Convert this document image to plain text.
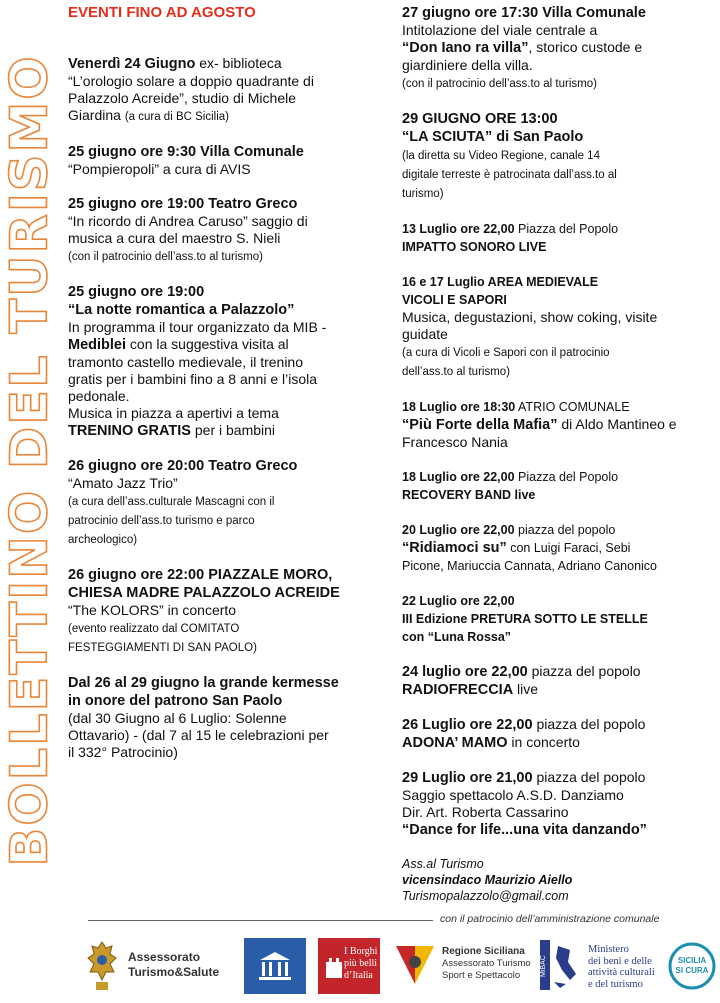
BOLLETTINO DEL TURISMO
EVENTI FINO AD AGOSTO
Venerdì 24 Giugno ex- biblioteca
“L’orologio solare a doppio quadrante di
Palazzolo Acreide”, studio di Michele
Giardina (a cura di BC Sicilia)
25 giugno ore 9:30 Villa Comunale
“Pompieropoli” a cura di AVIS
25 giugno ore 19:00 Teatro Greco
“In ricordo di Andrea Caruso” saggio di
musica a cura del maestro S. Nieli
(con il patrocinio dell’ass.to al turismo)
25 giugno ore 19:00
“La notte romantica a Palazzolo”
In programma il tour organizzato da MIB -
Mediblei con la suggestiva visita al
tramonto castello medievale, il trenino
gratis per i bambini fino a 8 anni e l’isola
pedonale.
Musica in piazza a apertivi a tema
TRENINO GRATIS per i bambini
26 giugno ore 20:00 Teatro Greco
“Amato Jazz Trio”
(a cura dell’ass.culturale Mascagni con il
patrocinio dell’ass.to turismo e parco
archeologico)
26 giugno ore 22:00 PIAZZALE MORO,
CHIESA MADRE PALAZZOLO ACREIDE
“The KOLORS” in concerto
(evento realizzato dal COMITATO
FESTEGGIAMENTI DI SAN PAOLO)
Dal 26 al 29 giugno la grande kermesse
in onore del patrono San Paolo
(dal 30 Giugno al 6 Luglio: Solenne
Ottavario) - (dal 7 al 15 le celebrazioni per
il 332° Patrocinio)
27 giugno ore 17:30 Villa Comunale
Intitolazione del viale centrale a
“Don Iano ra villa”, storico custode e
giardiniere della villa.
(con il patrocinio dell’ass.to al turismo)
29 GIUGNO ORE 13:00
“LA SCIUTA” di San Paolo
(la diretta su Video Regione, canale 14
digitale terreste è patrocinata dall’ass.to al
turismo)
13 Luglio ore 22,00 Piazza del Popolo
IMPATTO SONORO LIVE
16 e 17 Luglio AREA MEDIEVALE
VICOLI E SAPORI
Musica, degustazioni, show coking, visite
guidate
(a cura di Vicoli e Sapori con il patrocinio
dell’ass.to al turismo)
18 Luglio ore 18:30 ATRIO COMUNALE
“Più Forte della Mafia” di Aldo Mantineo e
Francesco Nania
18 Luglio ore 22,00 Piazza del Popolo
RECOVERY BAND live
20 Luglio ore 22,00 piazza del popolo
“Ridiamoci su” con Luigi Faraci, Sebi
Picone, Mariuccia Cannata, Adriano Canonico
22 Luglio ore 22,00
III Edizione PRETURA SOTTO LE STELLE
con “Luna Rossa”
24 luglio ore 22,00 piazza del popolo
RADIOFRECCIA live
26 Luglio ore 22,00 piazza del popolo
ADONA’ MAMO in concerto
29 Luglio ore 21,00 piazza del popolo
Saggio spettacolo A.S.D. Danziamo
Dir. Art. Roberta Cassarino
“Dance for life...una vita danzando”
Ass.al Turismo
vicensindaco Maurizio Aiello
Turismopalazzolo@gmail.com
con il patrocinio dell’amministrazione comunale
Assessorato
Turismo&Salute
I Borghi
più belli
d’Italia
Regione Siciliana
Assessorato Turismo
Sport e Spettacolo	MiBAC
Ministero
dei beni e delle
attività culturali
e del turismo
SICILIA
SI CURA
